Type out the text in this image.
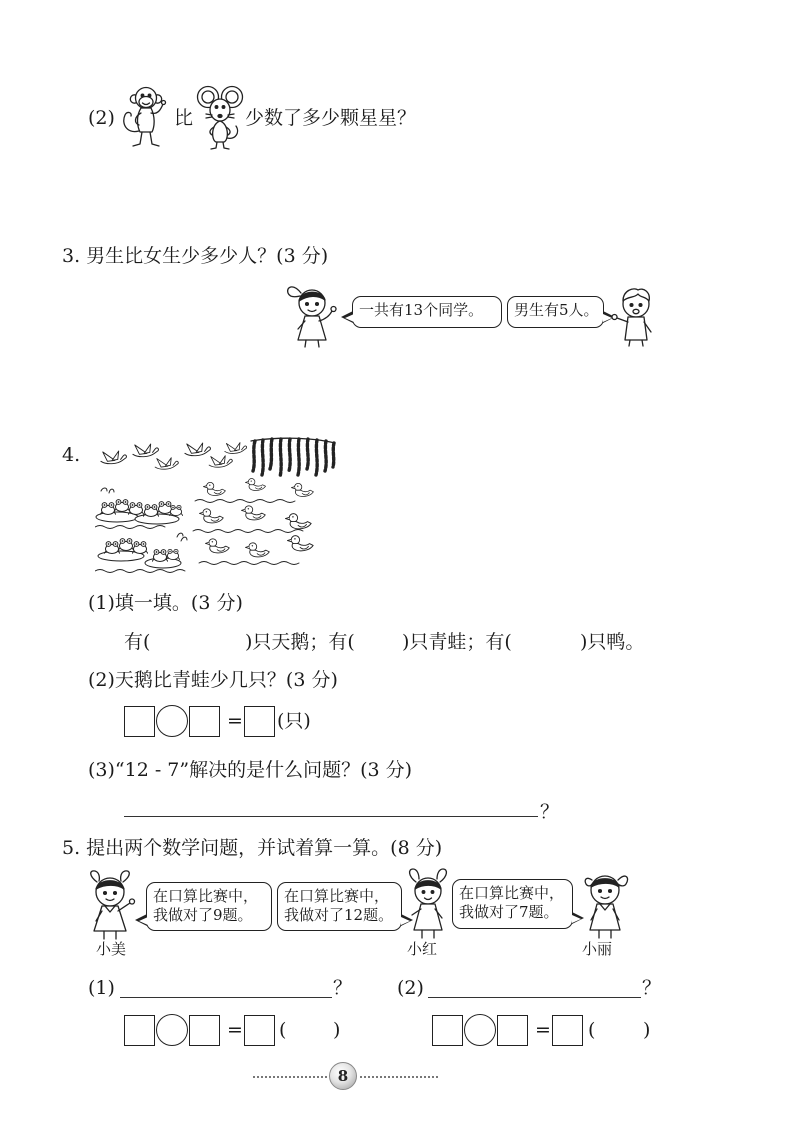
(2)	比	少数了多少颗星星？
3. 男生比女生少多少人？(3 分)
一共有13个同学。	男生有5人。
4.
(1)填一填。(3 分)
有(	)只天鹅；有( )只青蛙；有(	)只鸭。
(2)天鹅比青蛙少几只？(3 分)
= (只)
(3)“12 - 7”解决的是什么问题？(3 分)
？
5. 提出两个数学问题，并试着算一算。(8 分)
在口算比赛中，
我做对了9题。
在口算比赛中，
我做对了12题。
在口算比赛中，
我做对了7题。
小美	小红	小丽
(1)	？ (2)	？
= ( )	= (	)
8
